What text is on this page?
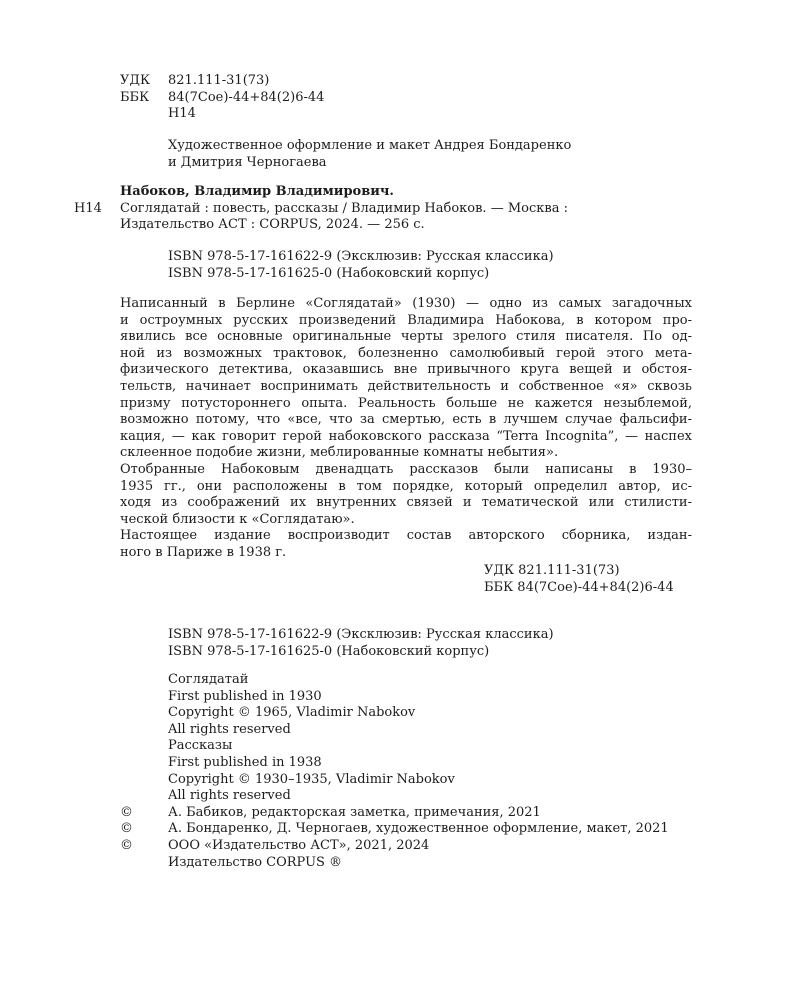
УДК	821.111-31(73)
ББК	84(7Сое)-44+84(2)6-44
Н14
Художественное оформление и макет Андрея Бондаренко
и Дмитрия Черногаева
Набоков, Владимир Владимирович.
Н14 Соглядатай : повесть, рассказы / Владимир Набоков. — Москва :
Издательство АСТ : CORPUS, 2024. — 256 с.
ISBN 978-5-17-161622-9 (Эксклюзив: Русская классика)
ISBN 978-5-17-161625-0 (Набоковский корпус)
Написанный в Берлине «Соглядатай» (1930) — одно из самых загадочных
и остроумных русских произведений Владимира Набокова, в котором про-
явились все основные оригинальные черты зрелого стиля писателя. По од-
ной из возможных трактовок, болезненно самолюбивый герой этого мета-
физического детектива, оказавшись вне привычного круга вещей и обстоя-
тельств, начинает воспринимать действительность и собственное «я» сквозь
призму потустороннего опыта. Реальность больше не кажется незыблемой,
возможно потому, что «все, что за смертью, есть в лучшем случае фальсифи-
кация, — как говорит герой набоковского рассказа “Terra Incognita”, — наспех
склеенное подобие жизни, меблированные комнаты небытия».
Отобранные Набоковым двенадцать рассказов были написаны в 1930–
1935 гг., они расположены в том порядке, который определил автор, ис-
ходя из соображений их внутренних связей и тематической или стилисти-
ческой близости к «Соглядатаю».
Настоящее издание воспроизводит состав авторского сборника, издан-
ного в Париже в 1938 г.
УДК 821.111-31(73)
ББК 84(7Сое)-44+84(2)6-44
ISBN 978-5-17-161622-9 (Эксклюзив: Русская классика)
ISBN 978-5-17-161625-0 (Набоковский корпус)
Соглядатай
First published in 1930
Copyright © 1965, Vladimir Nabokov
All rights reserved
Рассказы
First published in 1938
Copyright © 1930–1935, Vladimir Nabokov
All rights reserved
©	А. Бабиков, редакторская заметка, примечания, 2021
©	А. Бондаренко, Д. Черногаев, художественное оформление, макет, 2021
©	ООО «Издательство АСТ», 2021, 2024
Издательство CORPUS ®
